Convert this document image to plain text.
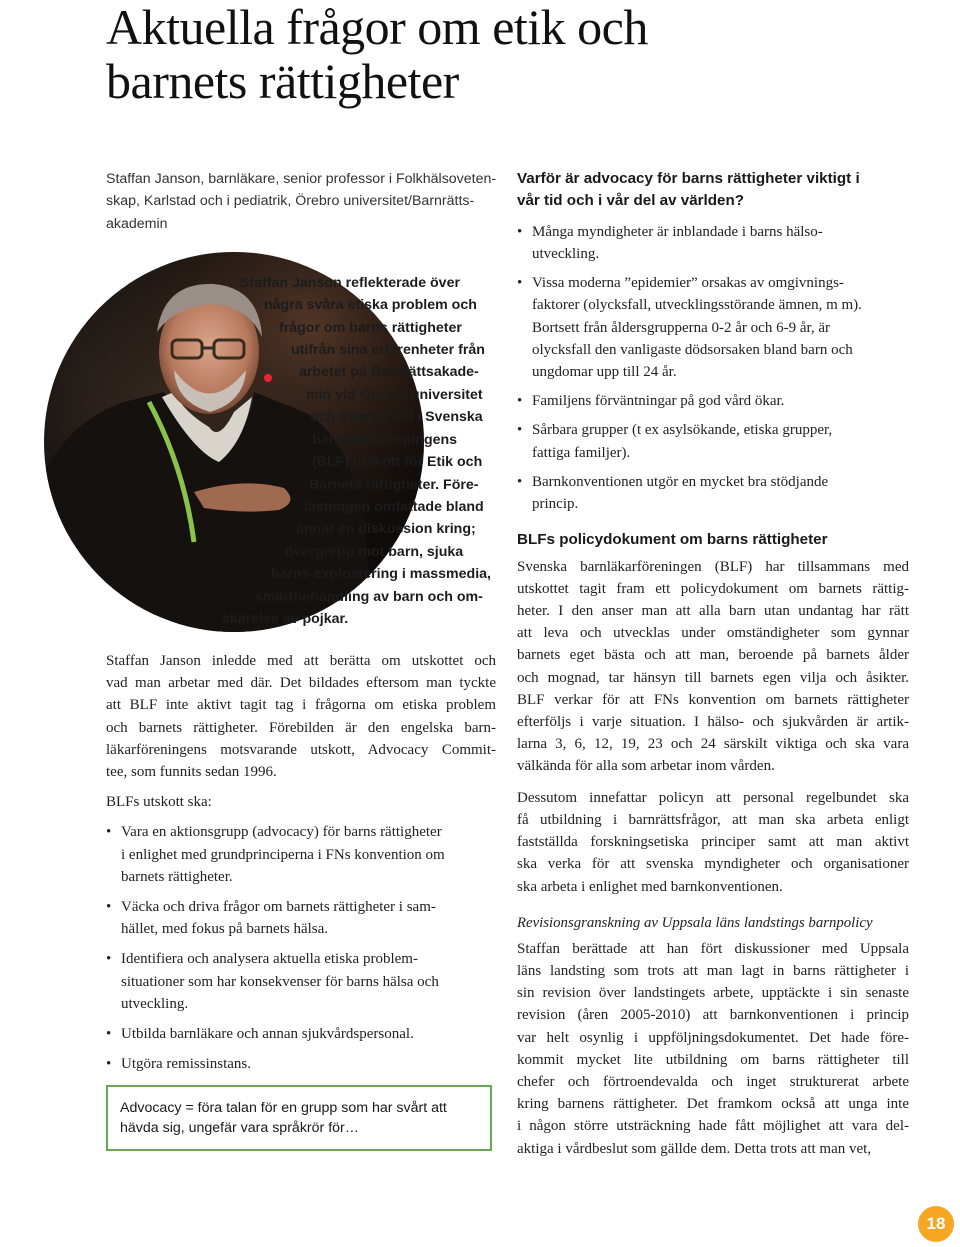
Aktuella frågor om etik och
barnets rättigheter
Staffan Janson, barnläkare, senior professor i Folkhälsoveten-
skap, Karlstad och i pediatrik, Örebro universitet/Barnrätts-
akademin
Staffan Janson reflekterade över
några svåra etiska problem och
frågor om barns rättigheter
utifrån sina erfarenheter från
arbetet på Barnrättsakade-
min vid Örebro universitet
och framför allt i Svenska
barnläkarföreningens
(BLF) utskott för Etik och
Barnets rättigheter. Före-
läsningen omfattade bland
annat en diskussion kring;
övergrepp mot barn, sjuka
barns exploatering i massmedia,
smärtbehandling av barn och om-
skärelse av pojkar.

Staffan Janson inledde med att berätta om utskottet och
vad man arbetar med där. Det bildades eftersom man tyckte
att BLF inte aktivt tagit tag i frågorna om etiska problem
och barnets rättigheter. Förebilden är den engelska barn-
läkarföreningens motsvarande utskott, Advocacy Commit-
tee, som funnits sedan 1996.

BLFs utskott ska:

• Vara en aktionsgrupp (advocacy) för barns rättigheter
i enlighet med grundprinciperna i FNs konvention om
barnets rättigheter.
• Väcka och driva frågor om barnets rättigheter i sam-
hället, med fokus på barnets hälsa.
• Identifiera och analysera aktuella etiska problem-
situationer som har konsekvenser för barns hälsa och
utveckling.
• Utbilda barnläkare och annan sjukvårdspersonal.
• Utgöra remissinstans.
Advocacy = föra talan för en grupp som har svårt att
hävda sig, ungefär vara språkrör för…
Varför är advocacy för barns rättigheter viktigt i
vår tid och i vår del av världen?
• Många myndigheter är inblandade i barns hälso-
utveckling.
• Vissa moderna ”epidemier” orsakas av omgivnings-
faktorer (olycksfall, utvecklingsstörande ämnen, m m).
Bortsett från åldersgrupperna 0-2 år och 6-9 år, är
olycksfall den vanligaste dödsorsaken bland barn och
ungdomar upp till 24 år.
• Familjens förväntningar på god vård ökar.
• Sårbara grupper (t ex asylsökande, etiska grupper,
fattiga familjer).
• Barnkonventionen utgör en mycket bra stödjande
princip.
BLFs policydokument om barns rättigheter

Svenska barnläkarföreningen (BLF) har tillsammans med
utskottet tagit fram ett policydokument om barnets rättig-
heter. I den anser man att alla barn utan undantag har rätt
att leva och utvecklas under omständigheter som gynnar
barnets eget bästa och att man, beroende på barnets ålder
och mognad, tar hänsyn till barnets egen vilja och åsikter.
BLF verkar för att FNs konvention om barnets rättigheter
efterföljs i varje situation. I hälso- och sjukvården är artik-
larna 3, 6, 12, 19, 23 och 24 särskilt viktiga och ska vara
välkända för alla som arbetar inom vården.

Dessutom innefattar policyn att personal regelbundet ska
få utbildning i barnrättsfrågor, att man ska arbeta enligt
fastställda forskningsetiska principer samt att man aktivt
ska verka för att svenska myndigheter och organisationer
ska arbeta i enlighet med barnkonventionen.

Revisionsgranskning av Uppsala läns landstings barnpolicy

Staffan berättade att han fört diskussioner med Uppsala
läns landsting som trots att man lagt in barns rättigheter i
sin revision över landstingets arbete, upptäckte i sin senaste
revision (åren 2005-2010) att barnkonventionen i princip
var helt osynlig i uppföljningsdokumentet. Det hade före-
kommit mycket lite utbildning om barns rättigheter till
chefer och förtroendevalda och inget strukturerat arbete
kring barnens rättigheter. Det framkom också att unga inte
i någon större utsträckning hade fått möjlighet att vara del-
aktiga i vårdbeslut som gällde dem. Detta trots att man vet,

18
